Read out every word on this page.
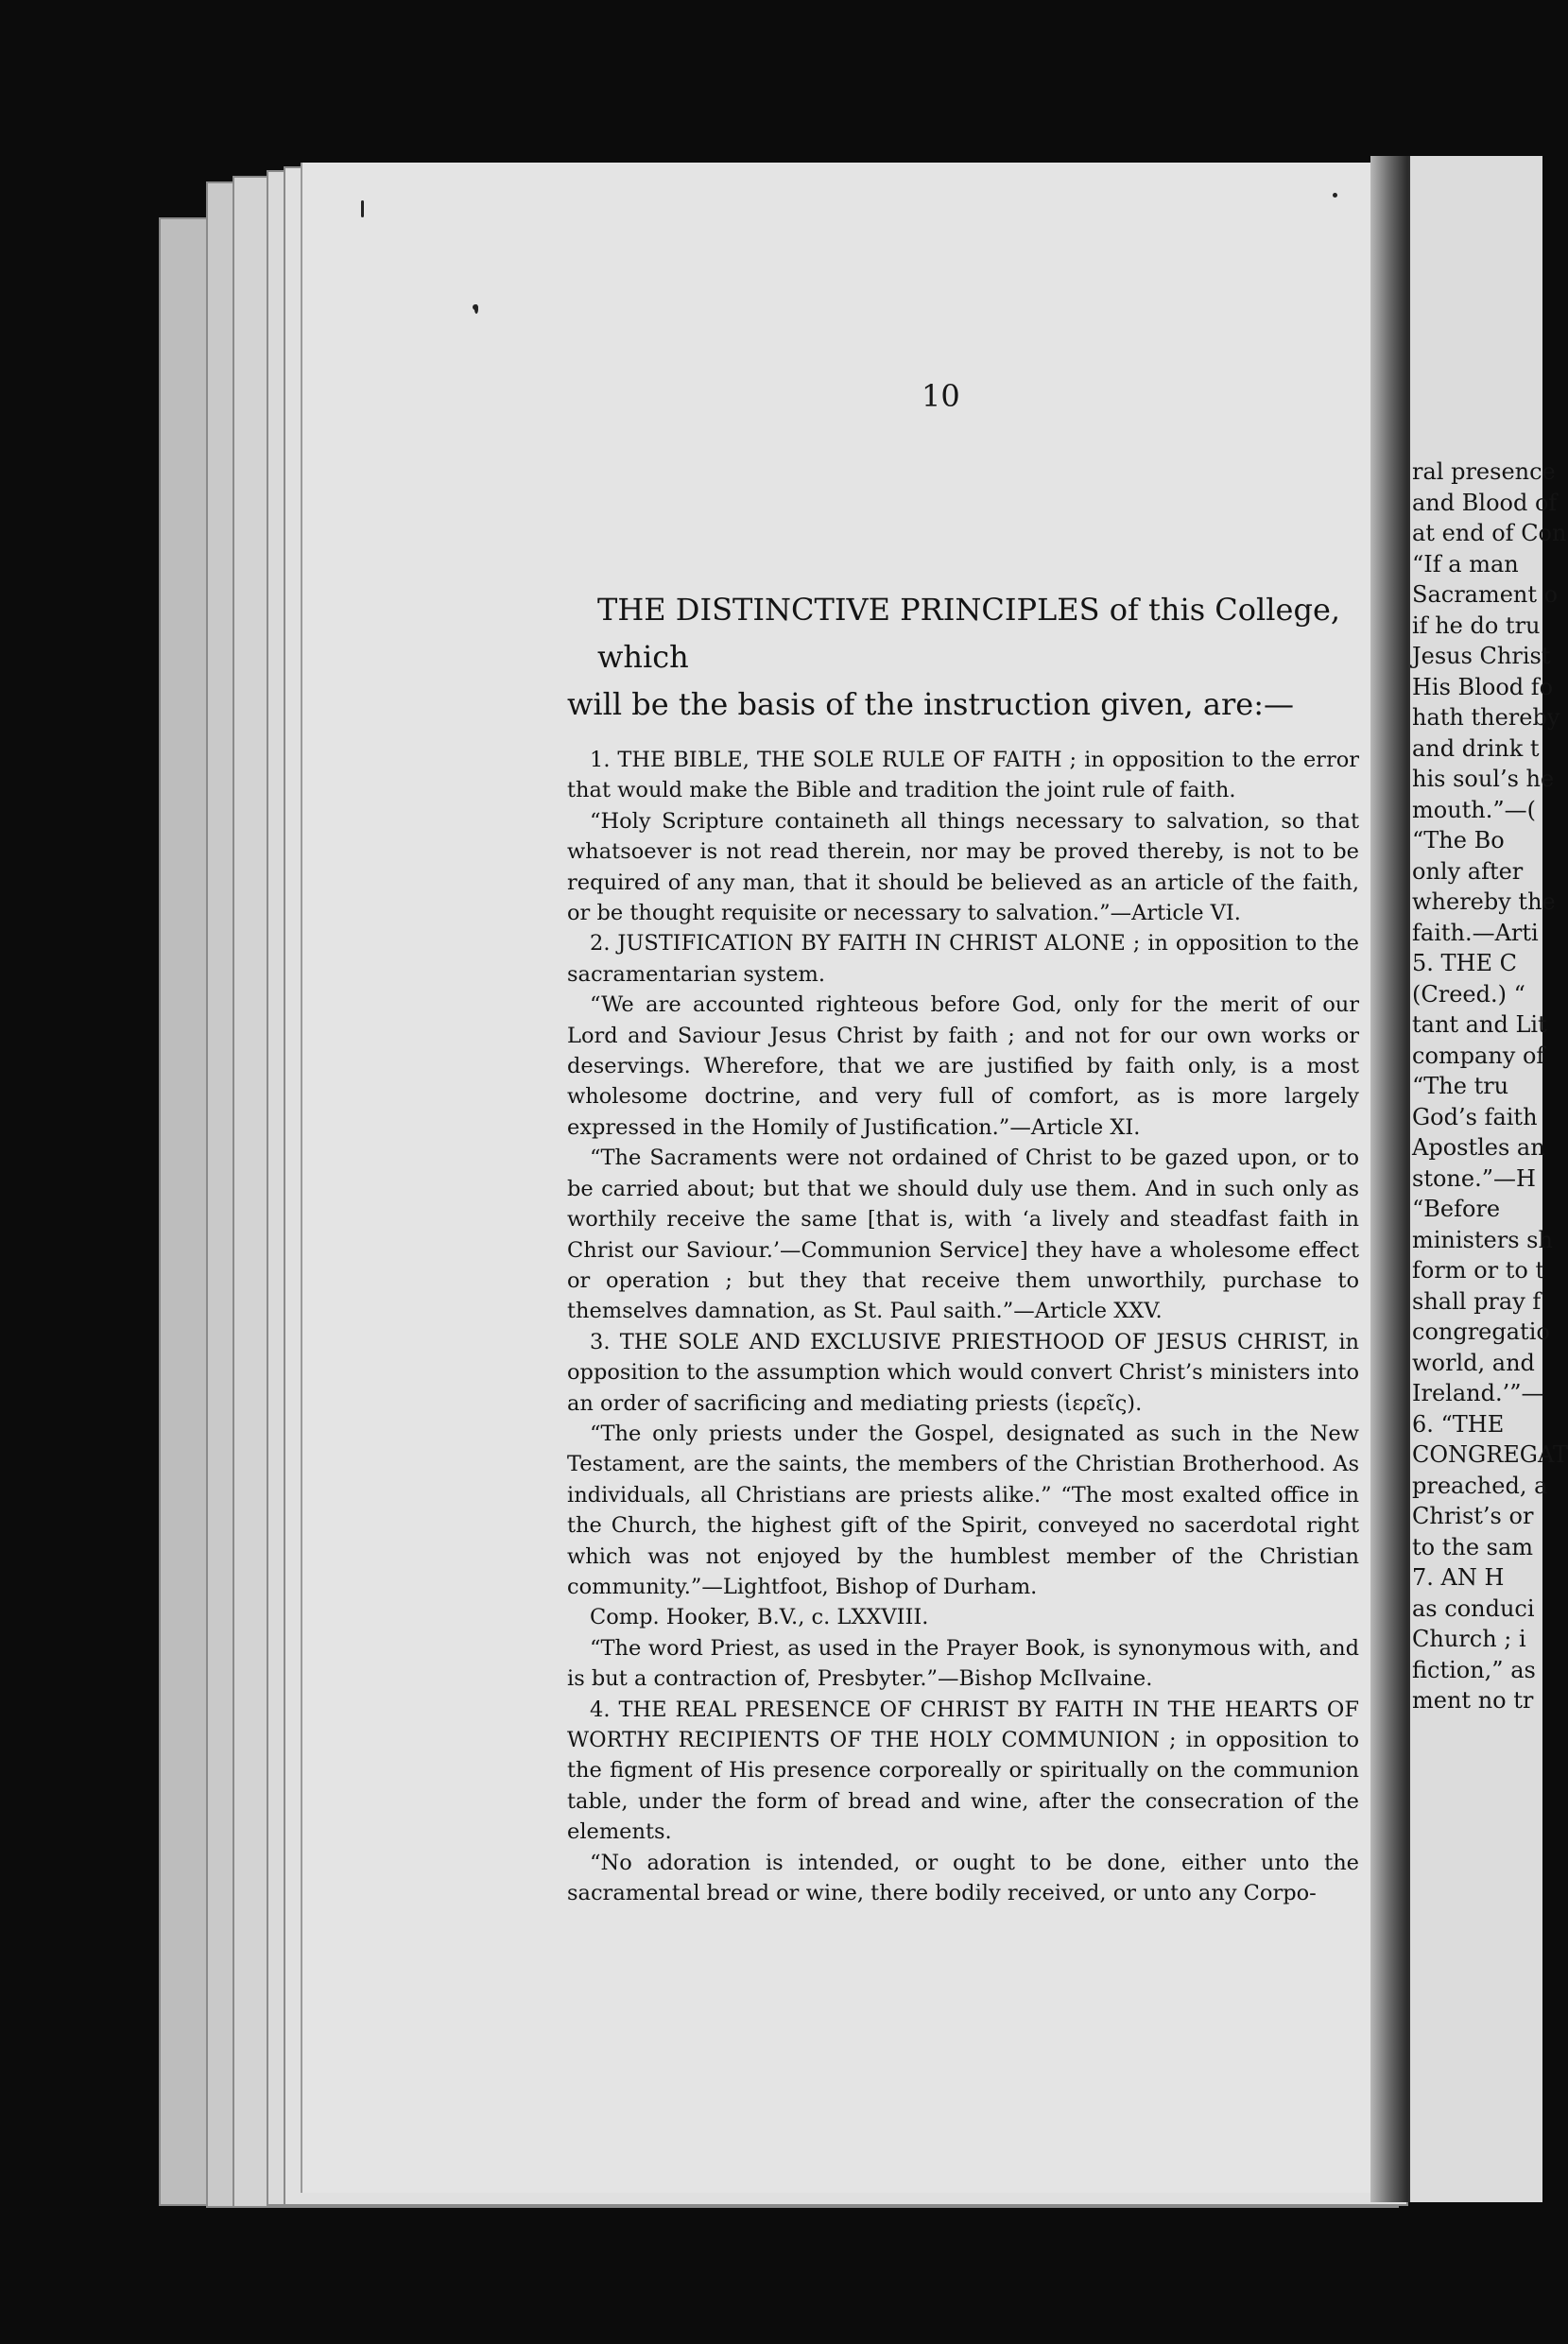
10
THE DISTINCTIVE PRINCIPLES of this College, which
will be the basis of the instruction given, are:—

1. THE BIBLE, THE SOLE RULE OF FAITH ; in opposition to the error that would make the Bible and tradition the joint rule of faith.

“Holy Scripture containeth all things necessary to salvation, so that whatsoever is not read therein, nor may be proved thereby, is not to be required of any man, that it should be believed as an article of the faith, or be thought requisite or necessary to salvation.”—Article VI.

2. JUSTIFICATION BY FAITH IN CHRIST ALONE ; in opposition to the sacramentarian system.

“We are accounted righteous before God, only for the merit of our Lord and Saviour Jesus Christ by faith ; and not for our own works or deservings. Wherefore, that we are justified by faith only, is a most wholesome doctrine, and very full of comfort, as is more largely expressed in the Homily of Justification.”—Article XI.

“The Sacraments were not ordained of Christ to be gazed upon, or to be carried about; but that we should duly use them. And in such only as worthily receive the same [that is, with ‘a lively and steadfast faith in Christ our Saviour.’—Communion Service] they have a wholesome effect or operation ; but they that receive them unworthily, purchase to themselves damnation, as St. Paul saith.”—Article XXV.

3. THE SOLE AND EXCLUSIVE PRIESTHOOD OF JESUS CHRIST, in opposition to the assumption which would convert Christ’s ministers into an order of sacrificing and mediating priests (ἱερεῖς).

“The only priests under the Gospel, designated as such in the New Testament, are the saints, the members of the Christian Brotherhood. As individuals, all Christians are priests alike.” “The most exalted office in the Church, the highest gift of the Spirit, conveyed no sacerdotal right which was not enjoyed by the humblest member of the Christian community.”—Lightfoot, Bishop of Durham.

Comp. Hooker, B.V., c. LXXVIII.

“The word Priest, as used in the Prayer Book, is synonymous with, and is but a contraction of, Presbyter.”—Bishop McIlvaine.

4. THE REAL PRESENCE OF CHRIST BY FAITH IN THE HEARTS OF WORTHY RECIPIENTS OF THE HOLY COMMUNION ; in opposition to the figment of His presence corporeally or spiritually on the communion table, under the form of bread and wine, after the consecration of the elements.

“No adoration is intended, or ought to be done, either unto the sacramental bread or wine, there bodily received, or unto any Corpo-

ral presence
and Blood of
at end of Con
“If a man
Sacrament o
if he do tru
Jesus Christ
His Blood fo
hath thereby
and drink t
his soul’s he
mouth.”—(
“The Bo
only after
whereby the
faith.—Arti
5. THE C
(Creed.) “
tant and Lit
company of
“The tru
God’s faith
Apostles an
stone.”—H
“Before
ministers sh
form or to t
shall pray f
congregatio
world, and
Ireland.’”—
6. “THE
CONGREGAT
preached, a
Christ’s or
to the sam
7. AN H
as conduci
Church ; i
fiction,” as
ment no tr
